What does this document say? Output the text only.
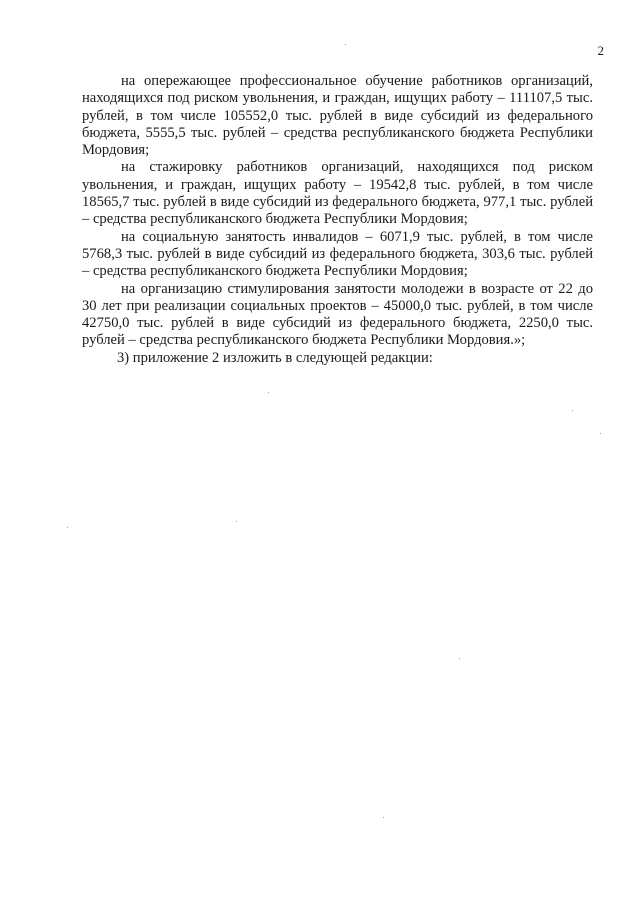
2

на опережающее профессиональное обучение работников организаций, находящихся под риском увольнения, и граждан, ищущих работу – 111107,5 тыс. рублей, в том числе 105552,0 тыс. рублей в виде субсидий из федерального бюджета, 5555,5 тыс. рублей – средства республиканского бюджета Республики Мордовия;

на стажировку работников организаций, находящихся под риском увольнения, и граждан, ищущих работу – 19542,8 тыс. рублей, в том числе 18565,7 тыс. рублей в виде субсидий из федерального бюджета, 977,1 тыс. рублей – средства республиканского бюджета Республики Мордовия;

на социальную занятость инвалидов – 6071,9 тыс. рублей, в том числе 5768,3 тыс. рублей в виде субсидий из федерального бюджета, 303,6 тыс. рублей – средства республиканского бюджета Республики Мордовия;

на организацию стимулирования занятости молодежи в возрасте от 22 до 30 лет при реализации социальных проектов – 45000,0 тыс. рублей, в том числе 42750,0 тыс. рублей в виде субсидий из федерального бюджета, 2250,0 тыс. рублей – средства республиканского бюджета Республики Мордовия.»;

3) приложение 2 изложить в следующей редакции:
